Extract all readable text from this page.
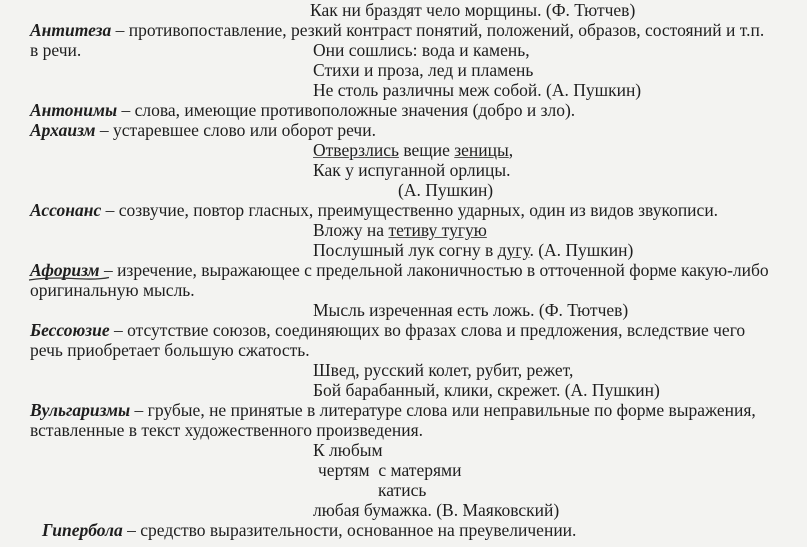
Как ни браздят чело морщины. (Ф. Тютчев)
Антитеза – противопоставление, резкий контраст понятий, положений, образов, состояний и т.п.
в речи.	Они сошлись: вода и камень,
Стихи и проза, лед и пламень
Не столь различны меж собой. (А. Пушкин)
Антонимы – слова, имеющие противоположные значения (добро и зло).
Архаизм – устаревшее слово или оборот речи.
Отверзлись вещие зеницы,
Как у испуганной орлицы.
(А. Пушкин)
Ассонанс – созвучие, повтор гласных, преимущественно ударных, один из видов звукописи.
Вложу на тетиву тугую
Послушный лук согну в дугу. (А. Пушкин)
Афоризм – изречение, выражающее с предельной лаконичностью в отточенной форме какую-либо
оригинальную мысль.
Мысль изреченная есть ложь. (Ф. Тютчев)
Бессоюзие – отсутствие союзов, соединяющих во фразах слова и предложения, вследствие чего
речь приобретает большую сжатость.
Швед, русский колет, рубит, режет,
Бой барабанный, клики, скрежет. (А. Пушкин)
Вульгаризмы – грубые, не принятые в литературе слова или неправильные по форме выражения,
вставленные в текст художественного произведения.
К любым
чертям  с матерями
катись
любая бумажка. (В. Маяковский)
Гипербола – средство выразительности, основанное на преувеличении.
